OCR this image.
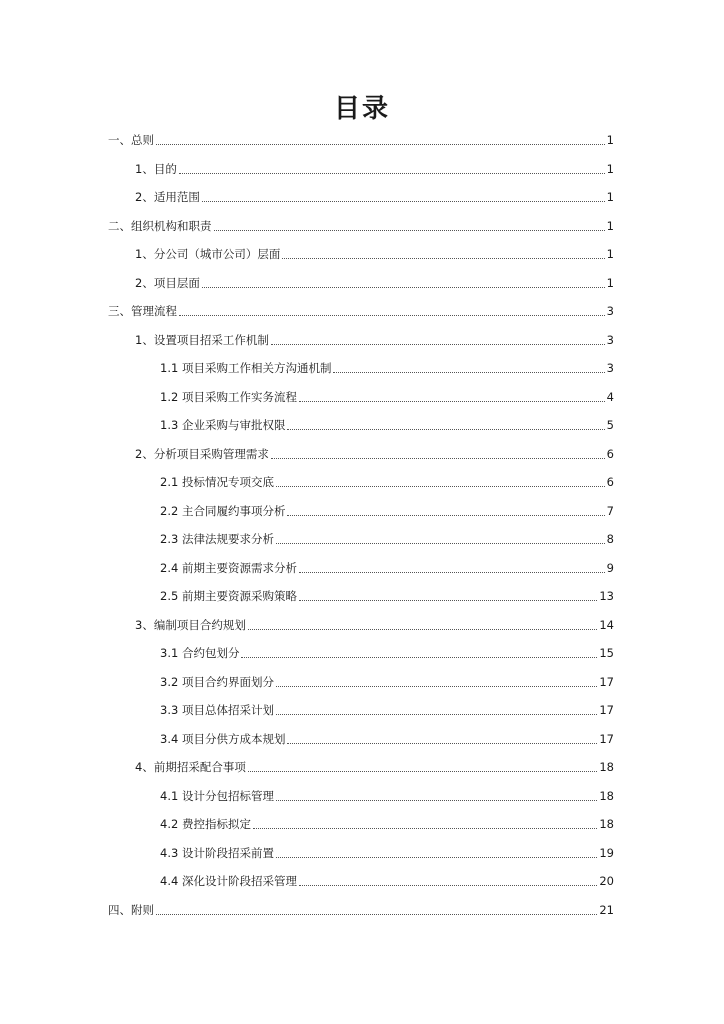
目录
一、总则	1
1、目的	1
2、适用范围	1
二、组织机构和职责	1
1、分公司（城市公司）层面	1
2、项目层面	1
三、管理流程	3
1、设置项目招采工作机制	3
1.1 项目采购工作相关方沟通机制	3
1.2 项目采购工作实务流程	4
1.3 企业采购与审批权限	5
2、分析项目采购管理需求	6
2.1 投标情况专项交底	6
2.2 主合同履约事项分析	7
2.3 法律法规要求分析	8
2.4 前期主要资源需求分析	9
2.5 前期主要资源采购策略	13
3、编制项目合约规划	14
3.1 合约包划分	15
3.2 项目合约界面划分	17
3.3 项目总体招采计划	17
3.4 项目分供方成本规划	17
4、前期招采配合事项	18
4.1 设计分包招标管理	18
4.2 费控指标拟定	18
4.3 设计阶段招采前置	19
4.4 深化设计阶段招采管理	20
四、附则	21
